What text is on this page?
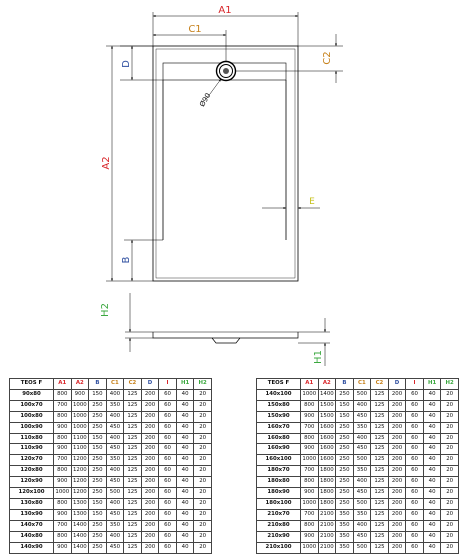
A1
C1
C2
D
A2
B
Ø90
E
H2
H1
TEOS F	A1	A2	B	C1	C2	D	I	H1	H2
90x80	800	900	150	400	125	200	60	40	20
100x70	700	1000	250	350	125	200	60	40	20
100x80	800	1000	250	400	125	200	60	40	20
100x90	900	1000	250	450	125	200	60	40	20
110x80	800	1100	150	400	125	200	60	40	20
110x90	900	1100	150	450	125	200	60	40	20
120x70	700	1200	250	350	125	200	60	40	20
120x80	800	1200	250	400	125	200	60	40	20
120x90	900	1200	250	450	125	200	60	40	20
120x100	1000	1200	250	500	125	200	60	40	20
130x80	800	1300	150	400	125	200	60	40	20
130x90	900	1300	150	450	125	200	60	40	20
140x70	700	1400	250	350	125	200	60	40	20
140x80	800	1400	250	400	125	200	60	40	20
140x90	900	1400	250	450	125	200	60	40	20
TEOS F	A1	A2	B	C1	C2	D	I	H1	H2
140x100	1000	1400	250	500	125	200	60	40	20
150x80	800	1500	150	400	125	200	60	40	20
150x90	900	1500	150	450	125	200	60	40	20
160x70	700	1600	250	350	125	200	60	40	20
160x80	800	1600	250	400	125	200	60	40	20
160x90	900	1600	250	450	125	200	60	40	20
160x100	1000	1600	250	500	125	200	60	40	20
180x70	700	1800	250	350	125	200	60	40	20
180x80	800	1800	250	400	125	200	60	40	20
180x90	900	1800	250	450	125	200	60	40	20
180x100	1000	1800	250	500	125	200	60	40	20
210x70	700	2100	350	350	125	200	60	40	20
210x80	800	2100	350	400	125	200	60	40	20
210x90	900	2100	350	450	125	200	60	40	20
210x100	1000	2100	350	500	125	200	60	40	20
